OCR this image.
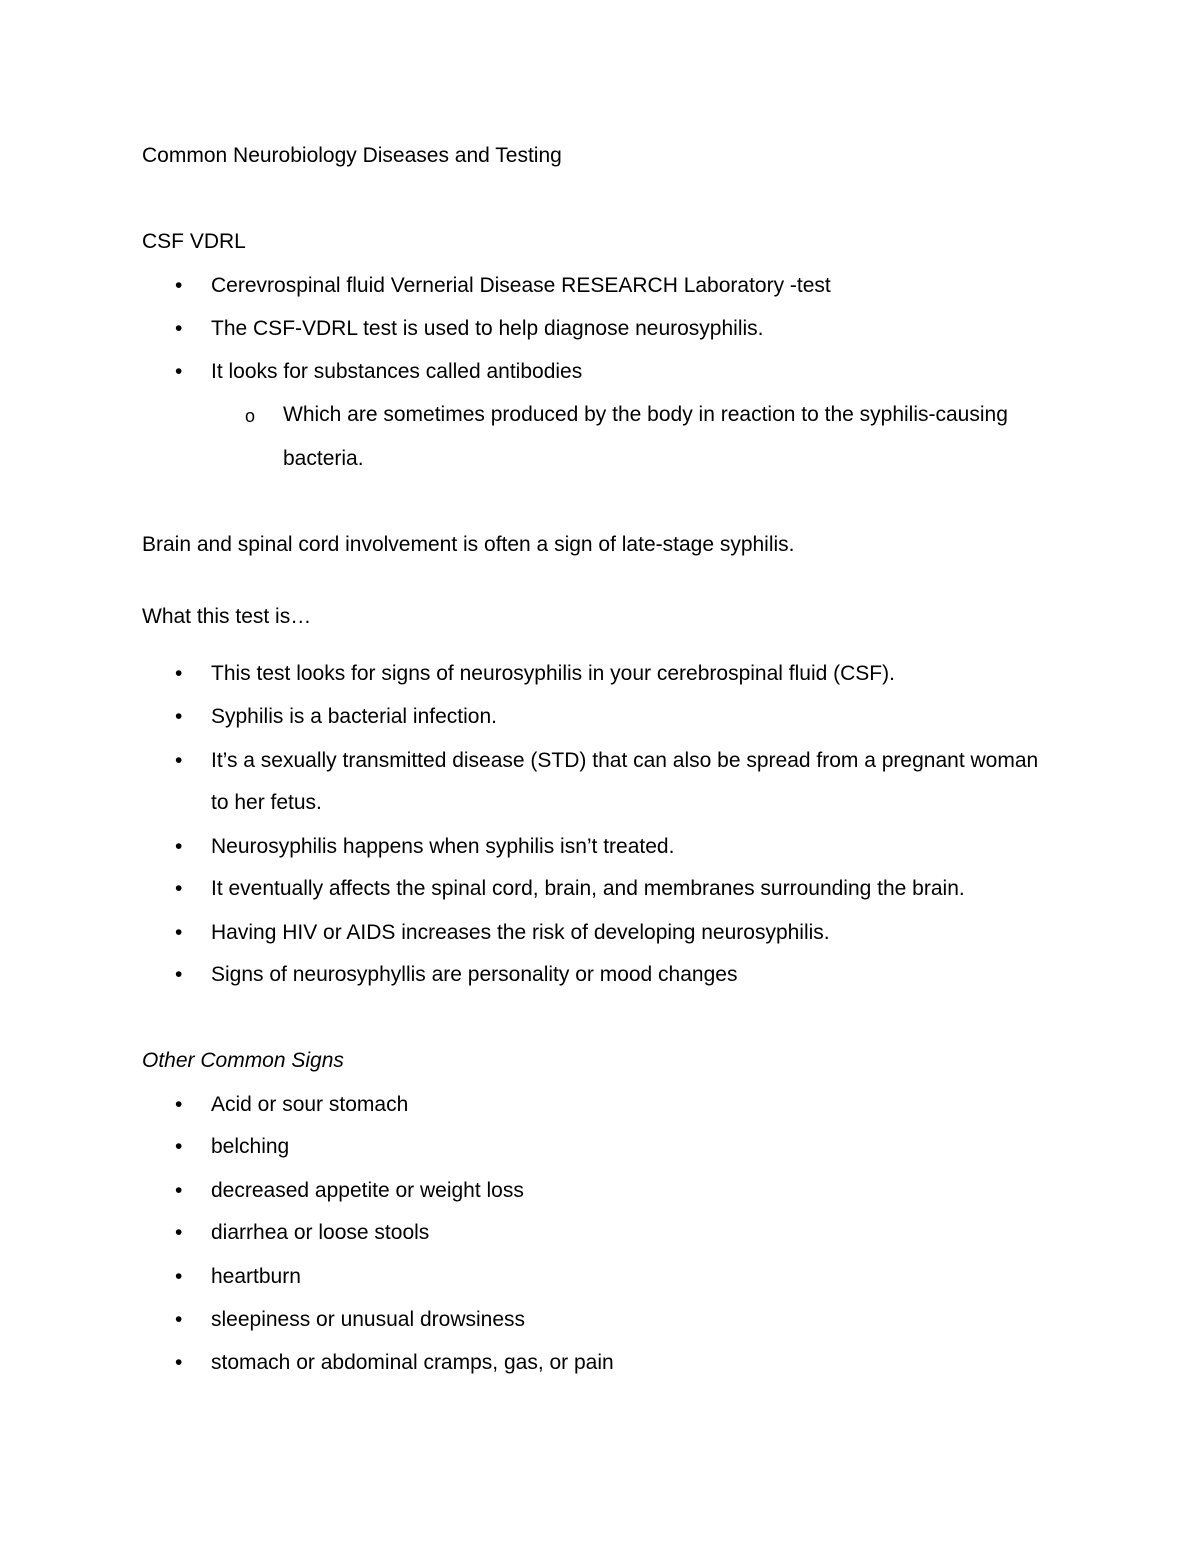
Common Neurobiology Diseases and Testing
CSF VDRL
• Cerevrospinal fluid Vernerial Disease RESEARCH Laboratory -test
• The CSF-VDRL test is used to help diagnose neurosyphilis.
• It looks for substances called antibodies
o Which are sometimes produced by the body in reaction to the syphilis-causing
bacteria.
Brain and spinal cord involvement is often a sign of late-stage syphilis.
What this test is…
• This test looks for signs of neurosyphilis in your cerebrospinal fluid (CSF).
• Syphilis is a bacterial infection.
• It’s a sexually transmitted disease (STD) that can also be spread from a pregnant woman
to her fetus.
• Neurosyphilis happens when syphilis isn’t treated.
• It eventually affects the spinal cord, brain, and membranes surrounding the brain.
• Having HIV or AIDS increases the risk of developing neurosyphilis.
• Signs of neurosyphyllis are personality or mood changes
Other Common Signs
• Acid or sour stomach
• belching
• decreased appetite or weight loss
• diarrhea or loose stools
• heartburn
• sleepiness or unusual drowsiness
• stomach or abdominal cramps, gas, or pain
